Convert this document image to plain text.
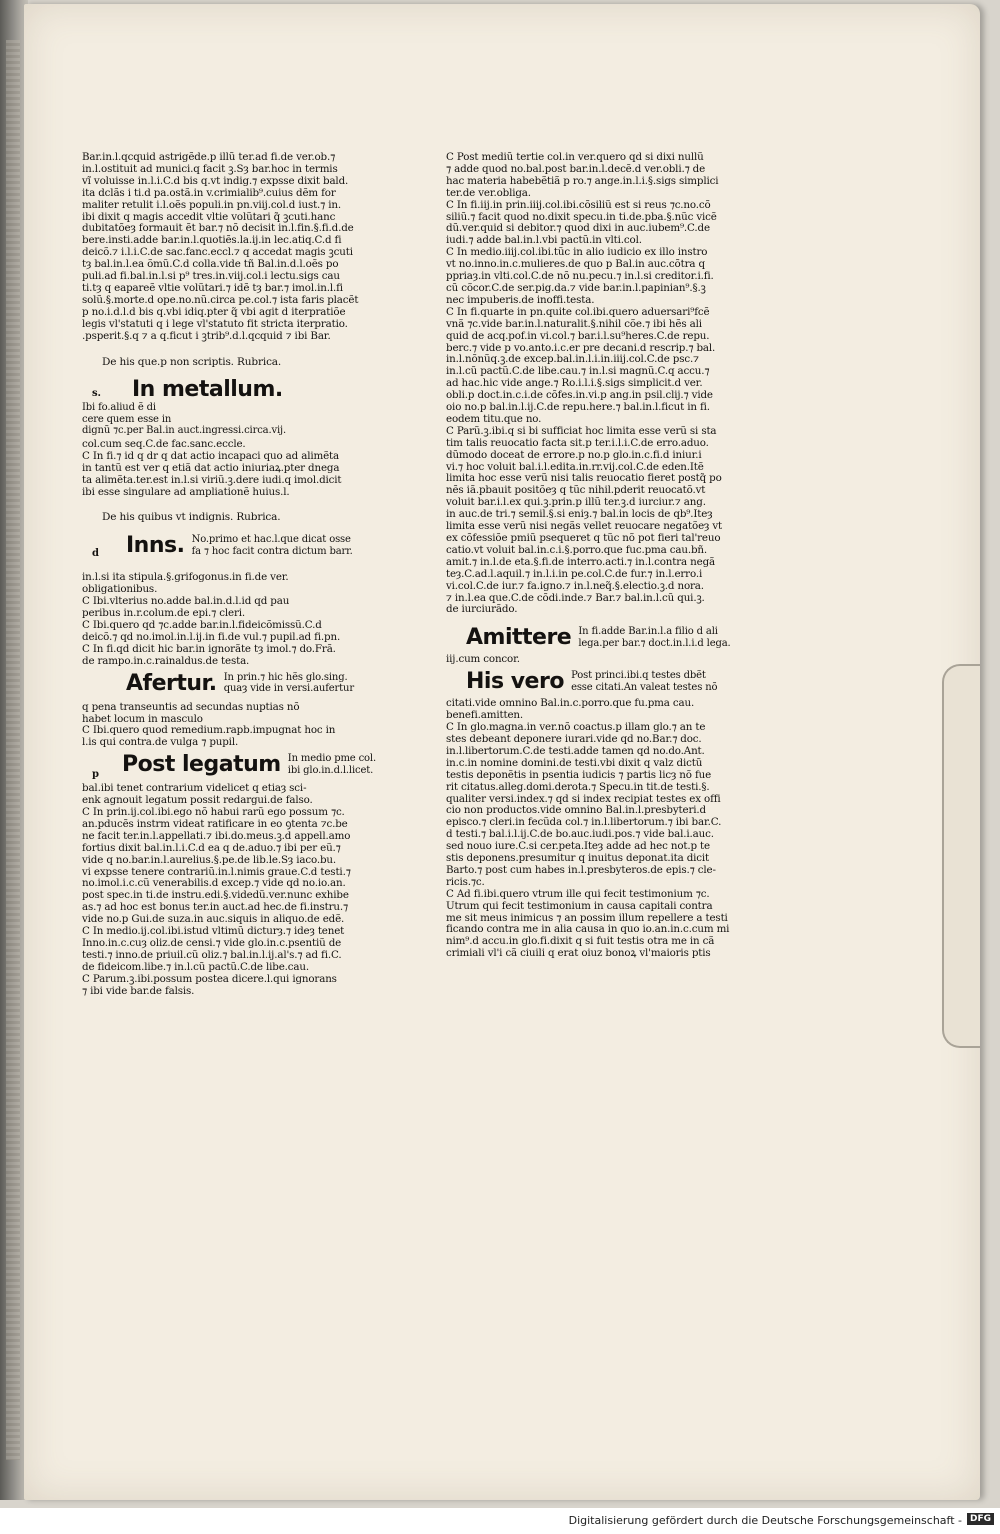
Bar.in.l.qcquid astrigẽde.p illũ ter.ad fi.de ver.ob.⁊

in.l.ostituit ad munici.q facit ꝫ.Sȝ bar.hoc in termis

vĩ voluisse in.l.i.C.d bis q.vt indig.⁊ expsse dixit bald.

ita dclãs i ti.d pa.ostã.in v.crimialib⁹.cuius dẽm for

maliter retulit i.l.oẽs populi.in pn.viij.col.d iust.⁊ in.

ibi dixit q magis accedit vltie volũtari q̃ ꝫcuti.hanc

dubitatõeȝ formauit ẽt bar.⁊ nõ decisit in.l.fin.§.fi.d.de

bere.insti.adde bar.in.l.quotiẽs.la.ij.in lec.atiq.C.d fi

deicõ.⁊ i.l.i.C.de sac.fanc.eccl.⁊ q accedat magis ꝫcuti

tȝ bal.in.l.ea õmũ.C.d colla.vide tñ Bal.in.d.l.oẽs po

puli.ad fi.bal.in.l.si p⁹ tres.in.viij.col.i lectu.sigs cau

ti.tȝ q eapareẽ vltie volũtari.⁊ idẽ tȝ bar.⁊ imol.in.l.fi

solũ.§.morte.d ope.no.nũ.circa pe.col.⁊ ista faris placẽt

p no.i.d.l.d bis q.vbi idiq.pter q̃ vbi agit d iterpratiõe

legis vl'statuti q i lege vl'statuto fit stricta iterpratio.

.psperit.§.q ⁊ a q.ficut i ꝫtrib⁹.d.l.qcquid ⁊ ibi Bar.

De his que.p non scriptis. Rubrica.

s. In metallum. Ibi fo.aliud ẽ di
cere quem esse in
dignũ ⁊c.per Bal.in auct.ingressi.circa.vij.

col.cum seq.C.de fac.sanc.eccle.

C In fi.⁊ id q dr q dat actio incapaci quo ad alimẽta

in tantũ est ver q etiã dat actio iniuriaꝝ.pter dnega

ta alimẽta.ter.est in.l.si viriũ.ꝫ.dere iudi.q imol.dicit

ibi esse singulare ad ampliationẽ huius.l.

De his quibus vt indignis. Rubrica.

d Inns. No.primo et hac.l.que dicat osse
fa ⁊ hoc facit contra dictum barr.

in.l.si ita stipula.§.grifogonus.in fi.de ver.

obligationibus.

C Ibi.vlterius no.adde bal.in.d.l.id qd pau

peribus in.r.colum.de epi.⁊ cleri.

C Ibi.quero qd ⁊c.adde bar.in.l.fideicõmissũ.C.d

deicõ.⁊ qd no.imol.in.l.ij.in fi.de vul.⁊ pupil.ad fi.pn.

C In fi.qd dicit hic bar.in ignorãte tȝ imol.⁊ do.Frã.

de rampo.in.c.rainaldus.de testa.

Afertur. In prin.⁊ hic hẽs glo.sing.
quaȝ vide in versi.aufertur

q pena transeuntis ad secundas nuptias nõ

habet locum in masculo

C Ibi.quero quod remedium.rapb.impugnat hoc in

l.is qui contra.de vulga ⁊ pupil.

p Post legatum In medio pme col.
ibi glo.in.d.l.licet.

bal.ibi tenet contrarium videlicet q etiaȝ sci-

enk agnouit legatum possit redargui.de falso.

C In prin.ij.col.ibi.ego nõ habui rarũ ego possum ⁊c.

an.pducẽs instrm videat ratificare in eo ꝯtenta ⁊c.be

ne facit ter.in.l.appellati.⁊ ibi.do.meus.ꝫ.d appell.amo

fortius dixit bal.in.l.i.C.d ea q de.aduo.⁊ ibi per eũ.⁊

vide q no.bar.in.l.aurelius.§.pe.de lib.le.Sȝ iaco.bu.

vi expsse tenere contrariũ.in.l.nimis graue.C.d testi.⁊

no.imol.i.c.cũ venerabilis.d excep.⁊ vide qd no.io.an.

post spec.in ti.de instru.edi.§.videdũ.ver.nunc exhibe

as.⁊ ad hoc est bonus ter.in auct.ad hec.de fi.instru.⁊

vide no.p Gui.de suza.in auc.siquis in aliquo.de edẽ.

C In medio.ij.col.ibi.istud vltimũ dicturȝ.⁊ ideȝ tenet

Inno.in.c.cuȝ oliz.de censi.⁊ vide glo.in.c.psentiũ de

testi.⁊ inno.de priuil.cũ oliz.⁊ bal.in.l.ij.al's.⁊ ad fi.C.

de fideicom.libe.⁊ in.l.cũ pactũ.C.de libe.cau.

C Parum.ꝫ.ibi.possum postea dicere.l.qui ignorans

⁊ ibi vide bar.de falsis.

C Post mediũ tertie col.in ver.quero qd si dixi nullũ

⁊ adde quod no.bal.post bar.in.l.decẽ.d ver.obli.⁊ de

hac materia habebẽtiã p ro.⁊ ange.in.l.i.§.sigs simplici

ter.de ver.obliga.

C In fi.iij.in prin.iiij.col.ibi.cõsiliũ est si reus ⁊c.no.cõ

siliũ.⁊ facit quod no.dixit specu.in ti.de.pba.§.nũc vicẽ

dũ.ver.quid si debitor.⁊ quod dixi in auc.iubem⁹.C.de

iudi.⁊ adde bal.in.l.vbi pactũ.in vlti.col.

C In medio.iiij.col.ibi.tũc in alio iudicio ex illo instro

vt no.inno.in.c.mulieres.de quo p Bal.in auc.cõtra q

ppriaȝ.in vlti.col.C.de nõ nu.pecu.⁊ in.l.si creditor.i.fi.

cũ cõcor.C.de ser.pig.da.⁊ vide bar.in.l.papinian⁹.§.ꝫ

nec impuberis.de inoffi.testa.

C In fi.quarte in pn.quite col.ibi.quero aduersari⁹fcẽ

vnã ⁊c.vide bar.in.l.naturalit.§.nihil cõe.⁊ ibi hẽs ali

quid de acq.pof.in vi.col.⁊ bar.i.l.su⁹heres.C.de repu.

berc.⁊ vide p vo.anto.i.c.er pre decani.d rescrip.⁊ bal.

in.l.nõnũq.ꝫ.de excep.bal.in.l.i.in.iiij.col.C.de psc.⁊

in.l.cũ pactũ.C.de libe.cau.⁊ in.l.si magnũ.C.q accu.⁊

ad hac.hic vide ange.⁊ Ro.i.l.i.§.sigs simplicit.d ver.

obli.p doct.in.c.i.de cõfes.in.vi.p ang.in psil.clij.⁊ vide

oio no.p bal.in.l.ij.C.de repu.here.⁊ bal.in.l.ficut in fi.

eodem titu.que no.

C Parũ.ꝫ.ibi.q si bi sufficiat hoc limita esse verũ si sta

tim talis reuocatio facta sit.p ter.i.l.i.C.de erro.aduo.

dũmodo doceat de errore.p no.p glo.in.c.fi.d iniur.i

vi.⁊ hoc voluit bal.i.l.edita.in.rr.vij.col.C.de eden.Itẽ

limita hoc esse verũ nisi talis reuocatio fieret postq̃ po

nẽs iã.pbauit positõeȝ q tũc nihil.pderit reuocatõ.vt

voluit bar.i.l.ex qui.ꝫ.prin.p illũ ter.ꝫ.d iurciur.⁊ ang.

in auc.de tri.⁊ semil.§.si eniȝ.⁊ bal.in locis de qb⁹.Iteȝ

limita esse verũ nisi negãs vellet reuocare negatõeȝ vt

ex cõfessiõe pmiũ psequeret q tũc nõ pot fieri tal'reuo

catio.vt voluit bal.in.c.i.§.porro.que fuc.pma cau.bñ.

amit.⁊ in.l.de eta.§.fi.de interro.acti.⁊ in.l.contra negã

teȝ.C.ad.l.aquil.⁊ in.l.i.in pe.col.C.de fur.⁊ in.l.erro.i

vi.col.C.de iur.⁊ fa.igno.⁊ in.l.neq̃.§.electio.ꝫ.d nora.

⁊ in.l.ea que.C.de cõdi.inde.⁊ Bar.⁊ bal.in.l.cũ qui.ꝫ.

de iurciurãdo.

Amittere In fi.adde Bar.in.l.a filio d ali
lega.per bar.⁊ doct.in.l.i.d lega.

iij.cum concor.

His vero Post princi.ibi.q testes dbẽt
esse citati.An valeat testes nõ

citati.vide omnino Bal.in.c.porro.que fu.pma cau.

benefi.amitten.

C In glo.magna.in ver.nõ coactus.p illam glo.⁊ an te

stes debeant deponere iurari.vide qd no.Bar.⁊ doc.

in.l.libertorum.C.de testi.adde tamen qd no.do.Ant.

in.c.in nomine domini.de testi.vbi dixit q valz dictũ

testis deponẽtis in psentia iudicis ⁊ partis licȝ nõ fue

rit citatus.alleg.domi.derota.⁊ Specu.in tit.de testi.§.

qualiter versi.index.⁊ qd si index recipiat testes ex offi

cio non productos.vide omnino Bal.in.l.presbyteri.d

episco.⁊ cleri.in fecũda col.⁊ in.l.libertorum.⁊ ibi bar.C.

d testi.⁊ bal.i.l.ij.C.de bo.auc.iudi.pos.⁊ vide bal.i.auc.

sed nouo iure.C.si cer.peta.Iteȝ adde ad hec not.p te

stis deponens.presumitur q inuitus deponat.ita dicit

Barto.⁊ post cum habes in.l.presbyteros.de epis.⁊ cle-

ricis.⁊c.

C Ad fi.ibi.quero vtrum ille qui fecit testimonium ⁊c.

Utrum qui fecit testimonium in causa capitali contra

me sit meus inimicus ⁊ an possim illum repellere a testi

ficando contra me in alia causa in quo io.an.in.c.cum mi

nim⁹.d accu.in glo.fi.dixit q si fuit testis otra me in cã

crimiali vl'i cã ciuili q erat oiuz bonoꝝ vl'maioris ptis

Digitalisierung gefördert durch die Deutsche Forschungsgemeinschaft - DFG
